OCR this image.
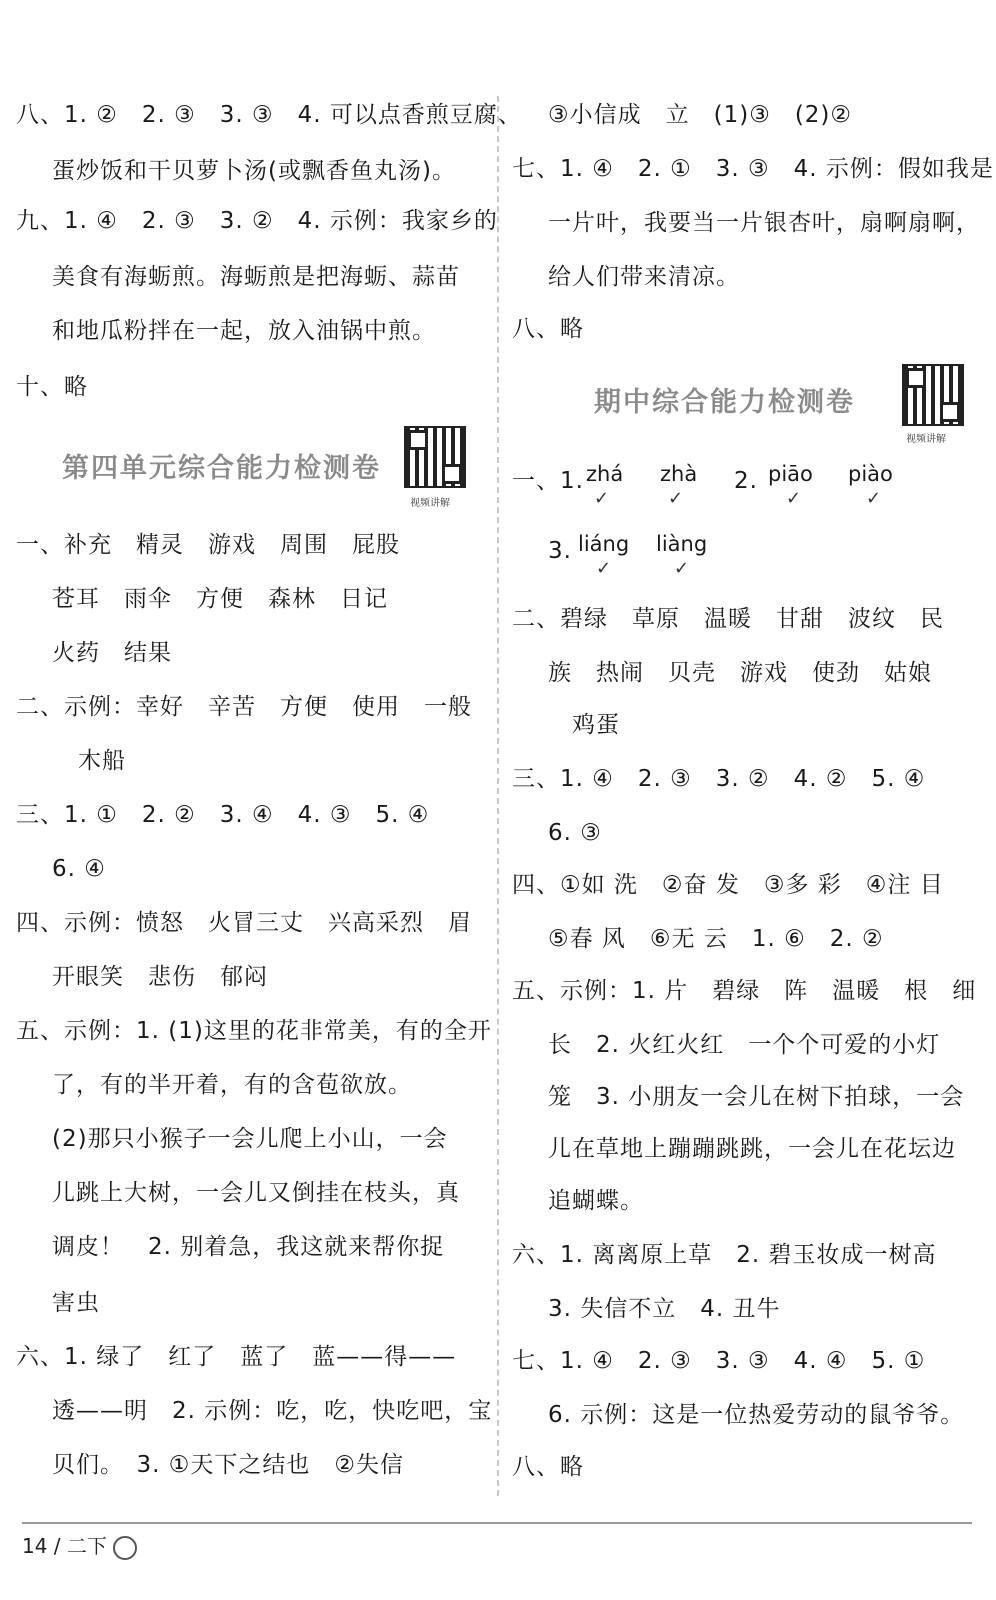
八、1. ②　2. ③　3. ③　4. 可以点香煎豆腐、
蛋炒饭和干贝萝卜汤(或飘香鱼丸汤)。
九、1. ④　2. ③　3. ②　4. 示例：我家乡的
美食有海蛎煎。海蛎煎是把海蛎、蒜苗
和地瓜粉拌在一起，放入油锅中煎。
十、略
第四单元综合能力检测卷
视频讲解
一、补充　精灵　游戏　周围　屁股
苍耳　雨伞　方便　森林　日记
火药　结果
二、示例：幸好　辛苦　方便　使用　一般
木船
三、1. ①　2. ②　3. ④　4. ③　5. ④
6. ④
四、示例：愤怒　火冒三丈　兴高采烈　眉
开眼笑　悲伤　郁闷
五、示例：1. (1)这里的花非常美，有的全开
了，有的半开着，有的含苞欲放。
(2)那只小猴子一会儿爬上小山，一会
儿跳上大树，一会儿又倒挂在枝头，真
调皮！　2. 别着急，我这就来帮你捉
害虫
六、1. 绿了　红了　蓝了　蓝——得——
透——明　2. 示例：吃，吃，快吃吧，宝
贝们。　3. ①天下之结也　②失信
③小信成　立　(1)③　(2)②
七、1. ④　2. ①　3. ③　4. 示例：假如我是
一片叶，我要当一片银杏叶，扇啊扇啊，
给人们带来清凉。
八、略
期中综合能力检测卷
视频讲解
一、1. zhá
✓
zhà
✓
2. piāo
✓
piào
✓
3. liáng
✓
liàng
✓
二、碧绿　草原　温暖　甘甜　波纹　民
族　热闹　贝壳　游戏　使劲　姑娘
鸡蛋
三、1. ④　2. ③　3. ②　4. ②　5. ④
6. ③
四、①如 洗　②奋 发　③多 彩　④注 目
⑤春 风　⑥无 云　1. ⑥　2. ②
五、示例：1. 片　碧绿　阵　温暖　根　细
长　2. 火红火红　一个个可爱的小灯
笼　3. 小朋友一会儿在树下拍球，一会
儿在草地上蹦蹦跳跳，一会儿在花坛边
追蝴蝶。
六、1. 离离原上草　2. 碧玉妆成一树高
3. 失信不立　4. 丑牛
七、1. ④　2. ③　3. ③　4. ④　5. ①
6. 示例：这是一位热爱劳动的鼠爷爷。
八、略
14 / 二下
